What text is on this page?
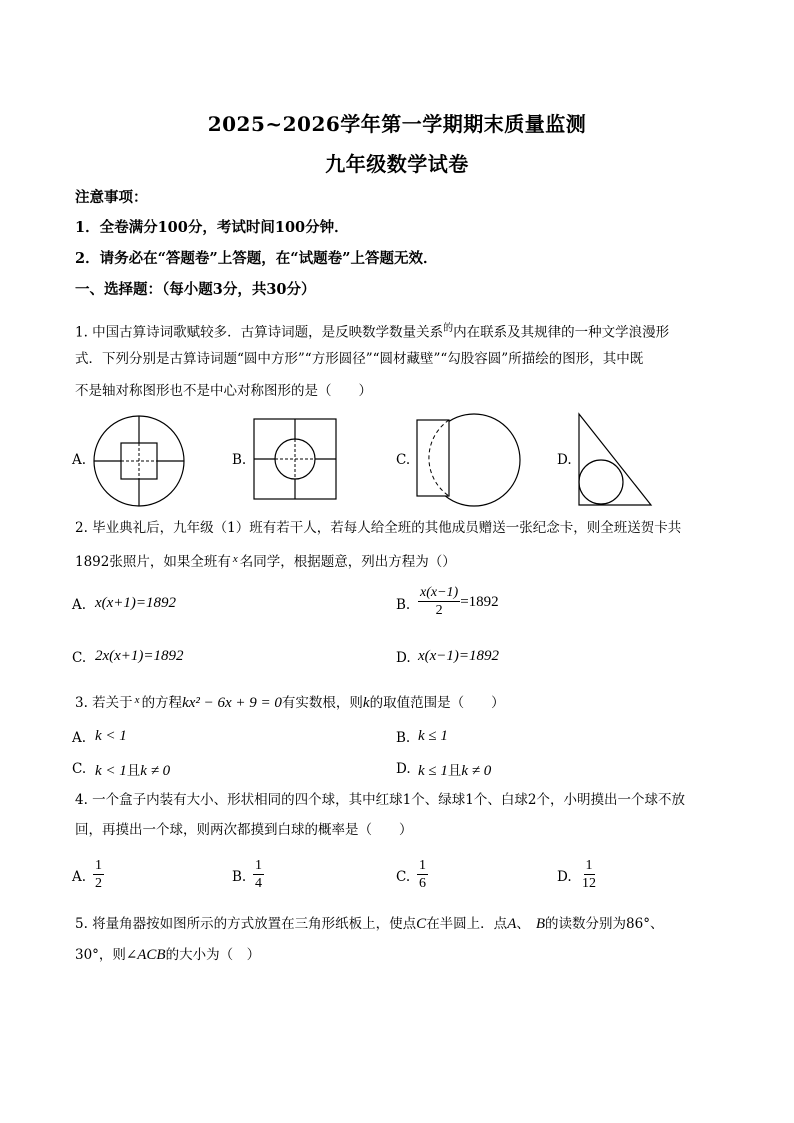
2025~2026学年第一学期期末质量监测
九年级数学试卷
注意事项：
1．全卷满分100分，考试时间100分钟．
2．请务必在“答题卷”上答题，在“试题卷”上答题无效．
一、选择题：（每小题3分，共30分）
1. 中国古算诗词歌赋较多．古算诗词题，是反映数学数量关系$^的$内在联系及其规律的一种文学浪漫形
式．下列分别是古算诗词题“圆中方形”“方形圆径”“圆材藏壁”“勾股容圆”所描绘的图形，其中既
不是轴对称图形也不是中心对称图形的是（　　）
A.	B.	C.	D.
2. 毕业典礼后，九年级（1）班有若干人，若每人给全班的其他成员赠送一张纪念卡，则全班送贺卡共
1892张照片，如果全班有 $^x$ 名同学，根据题意，列出方程为（）
A. x(x+1)=1892	B. $\frac{x(x-1)}{2} =1892$
C. 2x(x+1)=1892	D. x(x−1)=1892
3. 若关于 $^x$ 的方程kx² − 6x + 9 = 0有实数根，则k的取值范围是（　　）
A. k < 1	B. k ≤ 1
C. k < 1且k ≠ 0	D. k ≤ 1且k ≠ 0
4. 一个盒子内装有大小、形状相同的四个球，其中红球1个、绿球1个、白球2个，小明摸出一个球不放
回，再摸出一个球，则两次都摸到白球的概率是（　　）
A. $\frac{1}{2}$	B. $\frac{1}{4}$	C. $\frac{1}{6}$	D. $\frac{1}{12}$
5. 将量角器按如图所示的方式放置在三角形纸板上，使点C在半圆上．点A、 B的读数分别为86°、
30°，则∠ACB的大小为（　）
